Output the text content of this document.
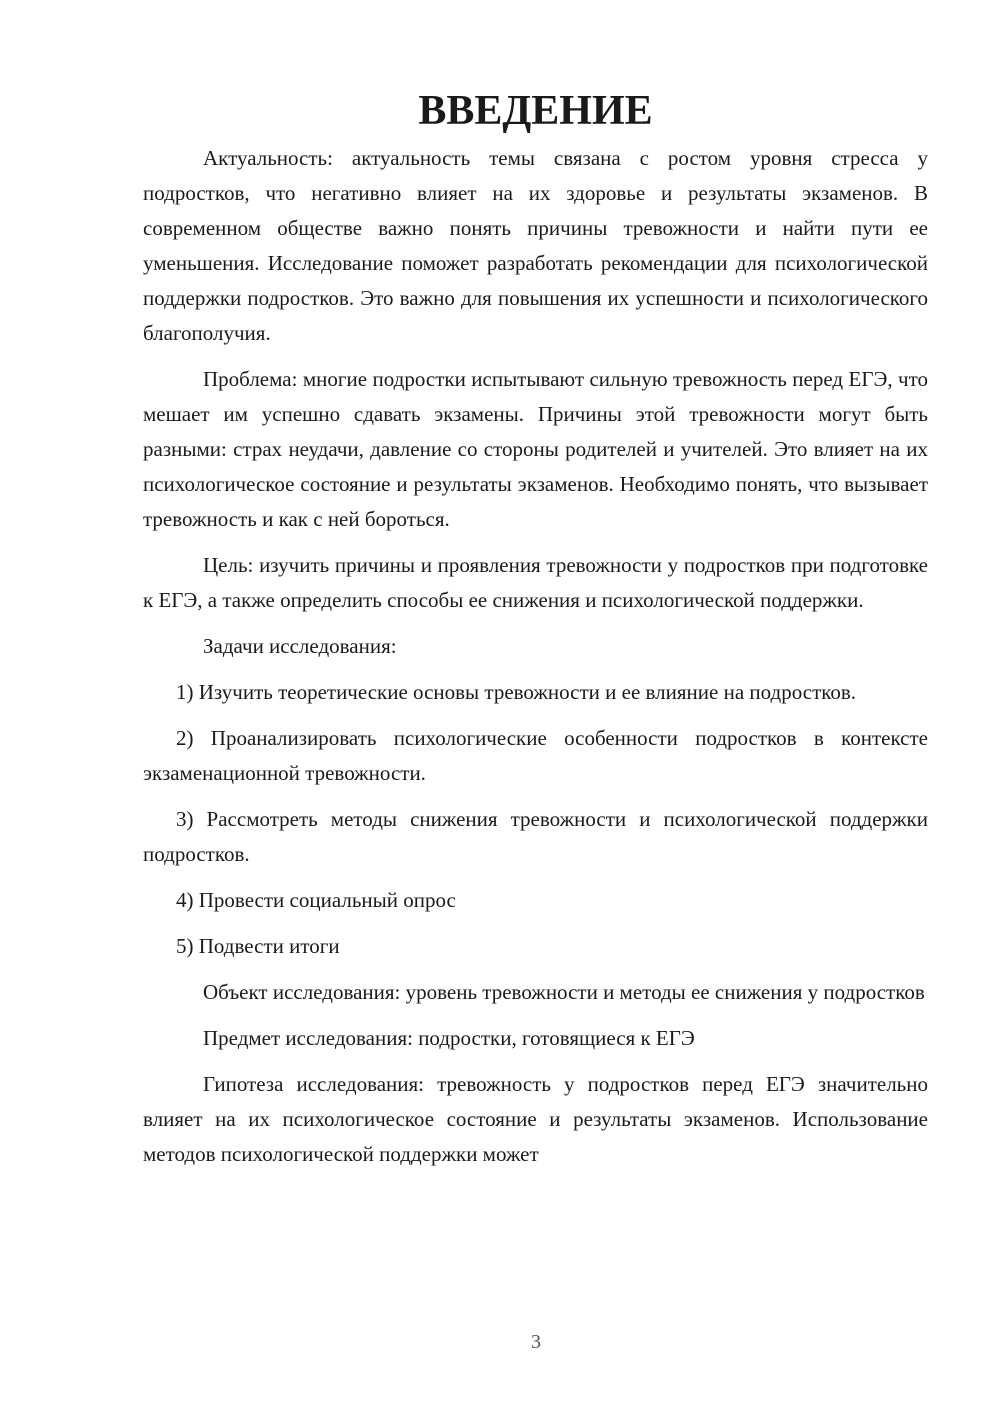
ВВЕДЕНИЕ

Актуальность: актуальность темы связана с ростом уровня стресса у подростков, что негативно влияет на их здоровье и результаты экзаменов. В современном обществе важно понять причины тревожности и найти пути ее уменьшения. Исследование поможет разработать рекомендации для психологической поддержки подростков. Это важно для повышения их успешности и психологического благополучия.

Проблема: многие подростки испытывают сильную тревожность перед ЕГЭ, что мешает им успешно сдавать экзамены. Причины этой тревожности могут быть разными: страх неудачи, давление со стороны родителей и учителей. Это влияет на их психологическое состояние и результаты экзаменов. Необходимо понять, что вызывает тревожность и как с ней бороться.

Цель: изучить причины и проявления тревожности у подростков при подготовке к ЕГЭ, а также определить способы ее снижения и психологической поддержки.

Задачи исследования:

1) Изучить теоретические основы тревожности и ее влияние на подростков.

2) Проанализировать психологические особенности подростков в контексте экзаменационной тревожности.

3) Рассмотреть методы снижения тревожности и психологической поддержки подростков.

4) Провести социальный опрос

5) Подвести итоги

Объект исследования: уровень тревожности и методы ее снижения у подростков

Предмет исследования: подростки, готовящиеся к ЕГЭ

Гипотеза исследования: тревожность у подростков перед ЕГЭ значительно влияет на их психологическое состояние и результаты экзаменов. Использование методов психологической поддержки может

3
